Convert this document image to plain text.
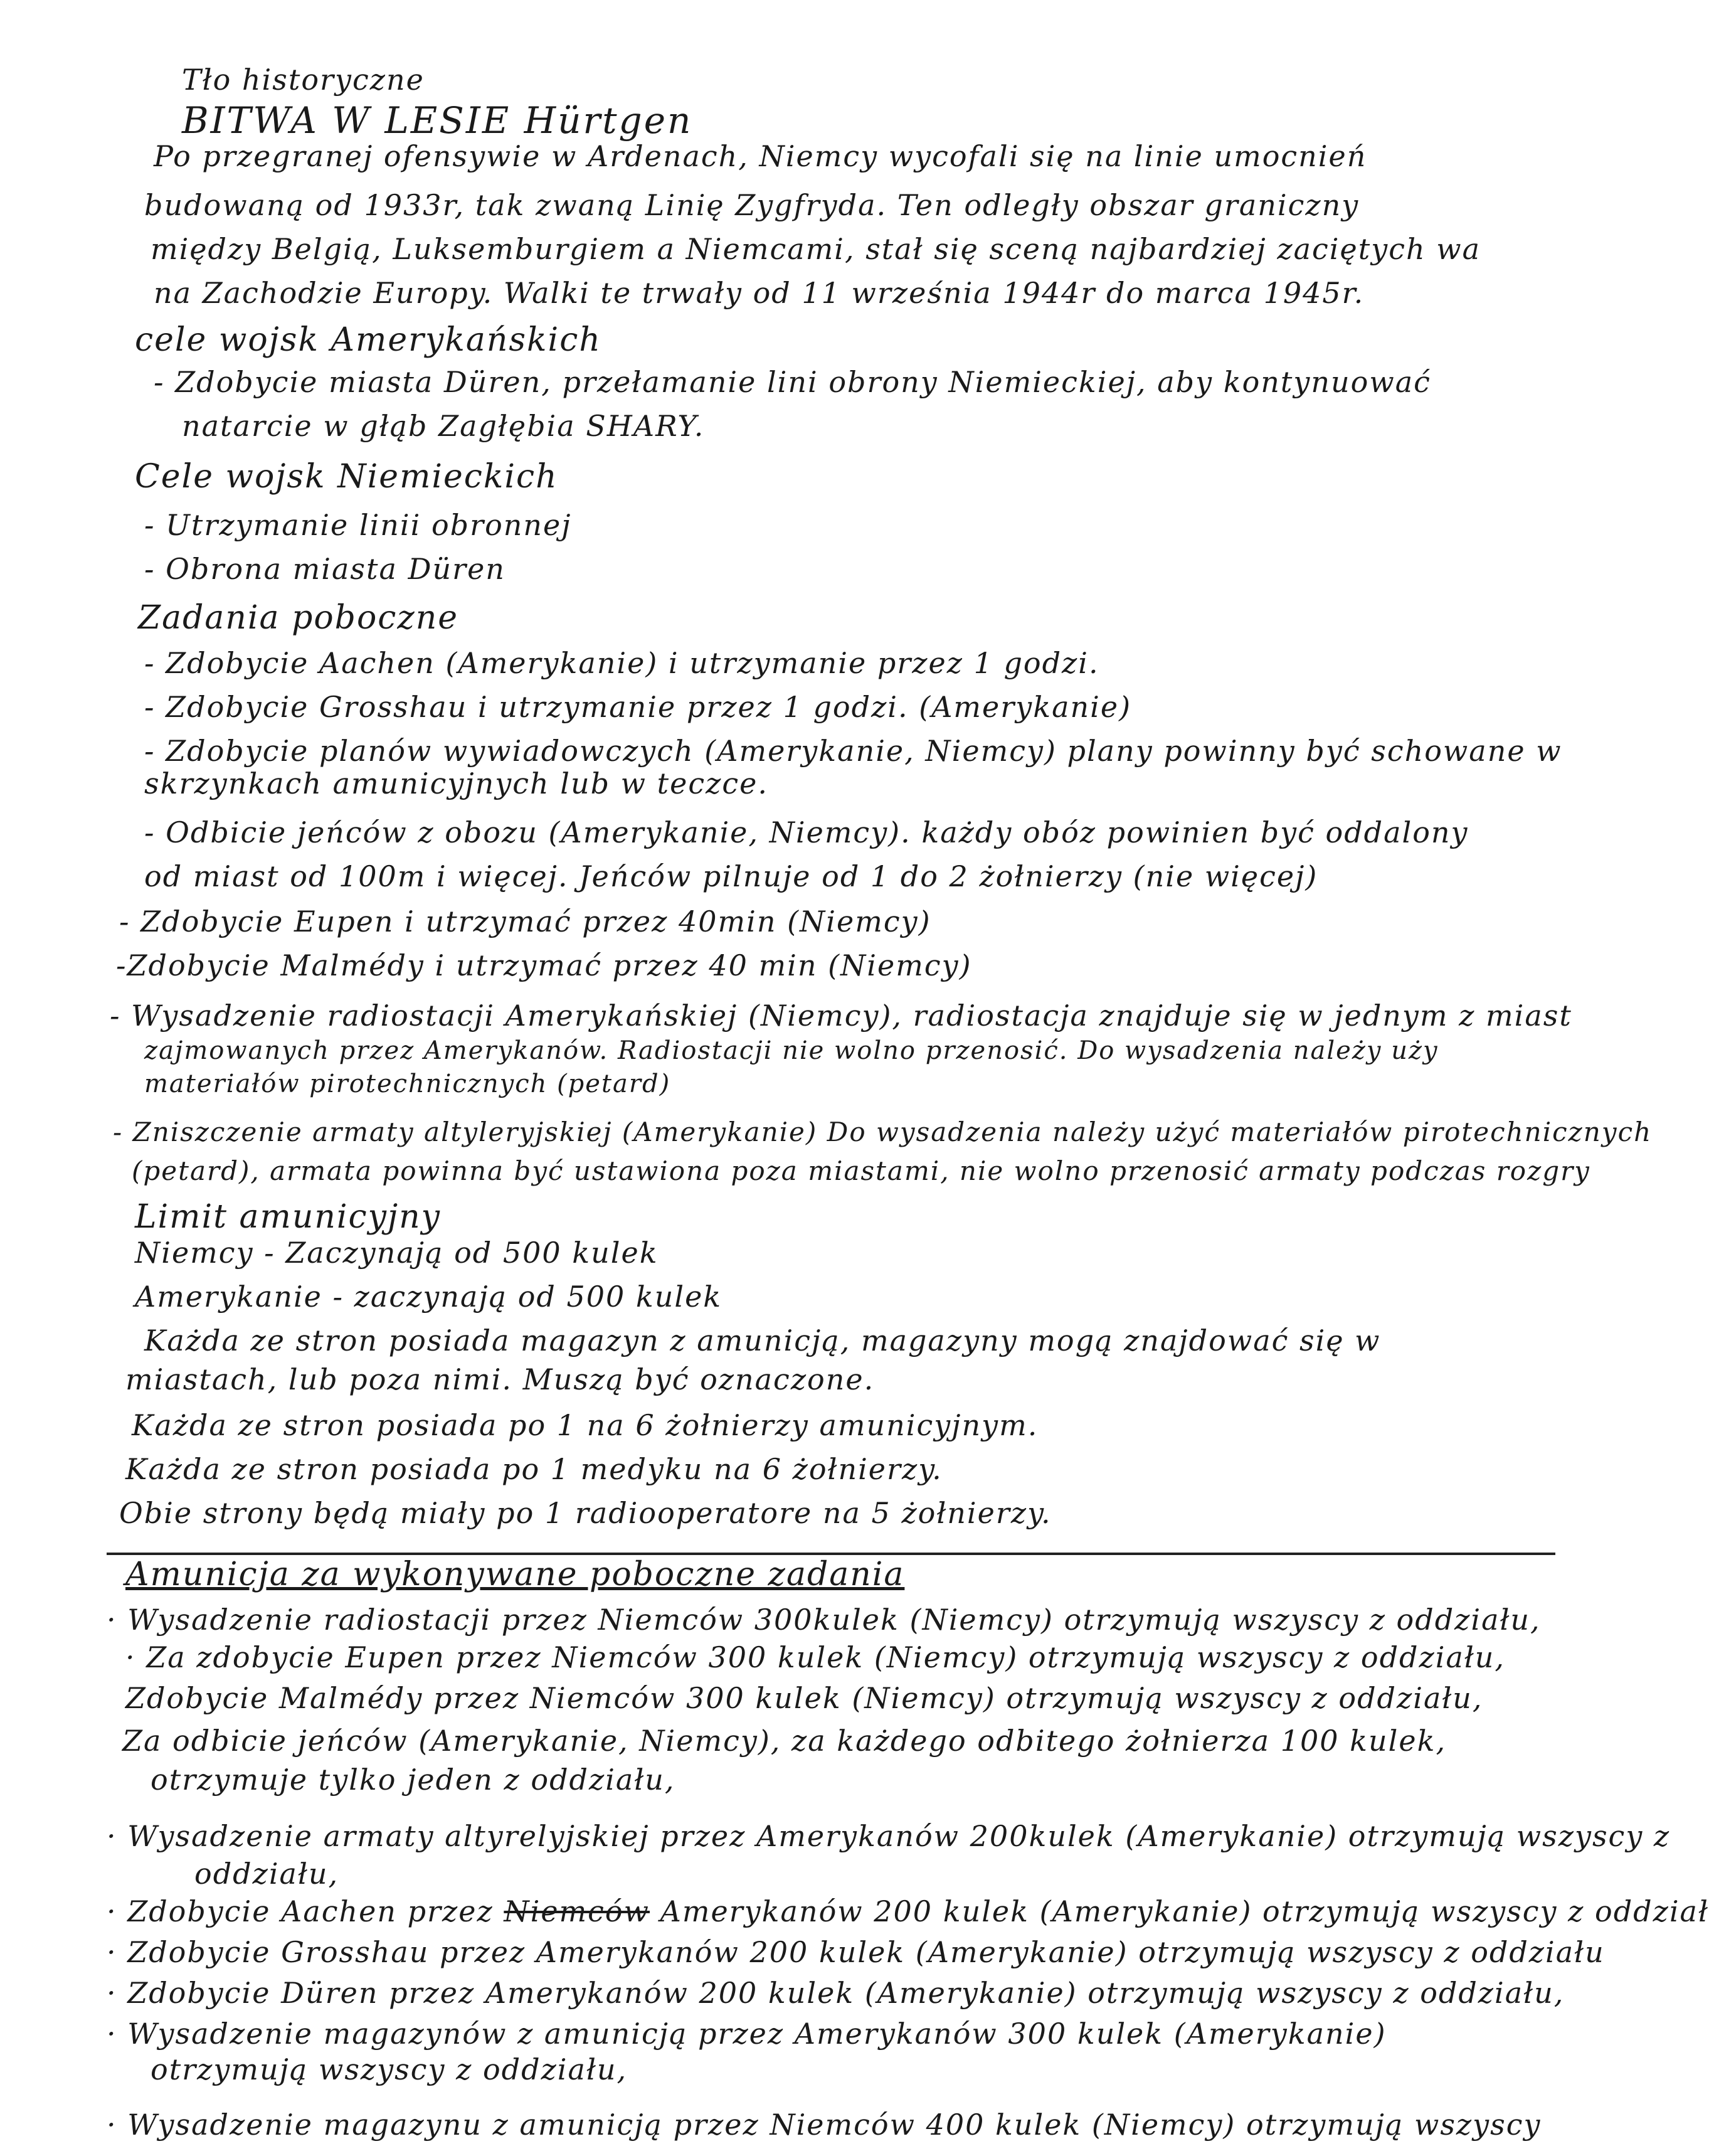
Tło historyczne
BITWA W LESIE Hürtgen
Po przegranej ofensywie w Ardenach, Niemcy wycofali się na linie umocnień
budowaną od 1933r, tak zwaną Linię Zygfryda. Ten odległy obszar graniczny
między Belgią, Luksemburgiem a Niemcami, stał się sceną najbardziej zaciętych wa
na Zachodzie Europy. Walki te trwały od 11 września 1944r do marca 1945r.
cele wojsk Amerykańskich
- Zdobycie miasta Düren, przełamanie lini obrony Niemieckiej, aby kontynuować
natarcie w głąb Zagłębia SHARY.
Cele wojsk Niemieckich
- Utrzymanie linii obronnej
- Obrona miasta Düren
Zadania poboczne
- Zdobycie Aachen (Amerykanie) i utrzymanie przez 1 godzi.
- Zdobycie Grosshau i utrzymanie przez 1 godzi. (Amerykanie)
- Zdobycie planów wywiadowczych (Amerykanie, Niemcy) plany powinny być schowane w
skrzynkach amunicyjnych lub w teczce.
- Odbicie jeńców z obozu (Amerykanie, Niemcy). każdy obóz powinien być oddalony
od miast od 100m i więcej. Jeńców pilnuje od 1 do 2 żołnierzy (nie więcej)
- Zdobycie Eupen i utrzymać przez 40min (Niemcy)
-Zdobycie Malmédy i utrzymać przez 40 min (Niemcy)
- Wysadzenie radiostacji Amerykańskiej (Niemcy), radiostacja znajduje się w jednym z miast
zajmowanych przez Amerykanów. Radiostacji nie wolno przenosić. Do wysadzenia należy uży
materiałów pirotechnicznych (petard)
- Zniszczenie armaty altyleryjskiej (Amerykanie) Do wysadzenia należy użyć materiałów pirotechnicznych
(petard), armata powinna być ustawiona poza miastami, nie wolno przenosić armaty podczas rozgry
Limit amunicyjny
Niemcy - Zaczynają od 500 kulek
Amerykanie - zaczynają od 500 kulek
Każda ze stron posiada magazyn z amunicją, magazyny mogą znajdować się w
miastach, lub poza nimi. Muszą być oznaczone.
Każda ze stron posiada po 1 na 6 żołnierzy amunicyjnym.
Każda ze stron posiada po 1 medyku na 6 żołnierzy.
Obie strony będą miały po 1 radiooperatore na 5 żołnierzy.
Amunicja za wykonywane poboczne zadania
· Wysadzenie radiostacji przez Niemców 300kulek (Niemcy) otrzymują wszyscy z oddziału,
· Za zdobycie Eupen przez Niemców 300 kulek (Niemcy) otrzymują wszyscy z oddziału,
Zdobycie Malmédy przez Niemców 300 kulek (Niemcy) otrzymują wszyscy z oddziału,
Za odbicie jeńców (Amerykanie, Niemcy), za każdego odbitego żołnierza 100 kulek,
otrzymuje tylko jeden z oddziału,
· Wysadzenie armaty altyrelyjskiej przez Amerykanów 200kulek (Amerykanie) otrzymują wszyscy z
oddziału,
· Zdobycie Aachen przez Niemców Amerykanów 200 kulek (Amerykanie) otrzymują wszyscy z oddział
· Zdobycie Grosshau przez Amerykanów 200 kulek (Amerykanie) otrzymują wszyscy z oddziału
· Zdobycie Düren przez Amerykanów 200 kulek (Amerykanie) otrzymują wszyscy z oddziału,
· Wysadzenie magazynów z amunicją przez Amerykanów 300 kulek (Amerykanie)
otrzymują wszyscy z oddziału,
· Wysadzenie magazynu z amunicją przez Niemców 400 kulek (Niemcy) otrzymują wszyscy
